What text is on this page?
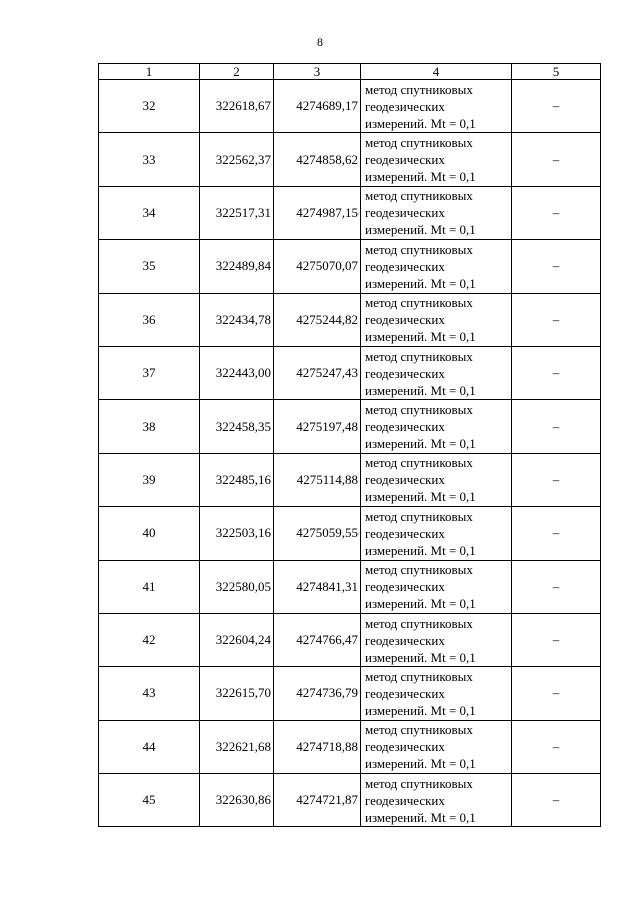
8
1	2	3	4	5
32	322618,67	4274689,17	метод спутниковых
геодезических
измерений. Mt = 0,1	–
33	322562,37	4274858,62	метод спутниковых
геодезических
измерений. Mt = 0,1	–
34	322517,31	4274987,15	метод спутниковых
геодезических
измерений. Mt = 0,1	–
35	322489,84	4275070,07	метод спутниковых
геодезических
измерений. Mt = 0,1	–
36	322434,78	4275244,82	метод спутниковых
геодезических
измерений. Mt = 0,1	–
37	322443,00	4275247,43	метод спутниковых
геодезических
измерений. Mt = 0,1	–
38	322458,35	4275197,48	метод спутниковых
геодезических
измерений. Mt = 0,1	–
39	322485,16	4275114,88	метод спутниковых
геодезических
измерений. Mt = 0,1	–
40	322503,16	4275059,55	метод спутниковых
геодезических
измерений. Mt = 0,1	–
41	322580,05	4274841,31	метод спутниковых
геодезических
измерений. Mt = 0,1	–
42	322604,24	4274766,47	метод спутниковых
геодезических
измерений. Mt = 0,1	–
43	322615,70	4274736,79	метод спутниковых
геодезических
измерений. Mt = 0,1	–
44	322621,68	4274718,88	метод спутниковых
геодезических
измерений. Mt = 0,1	–
45	322630,86	4274721,87	метод спутниковых
геодезических
измерений. Mt = 0,1	–
